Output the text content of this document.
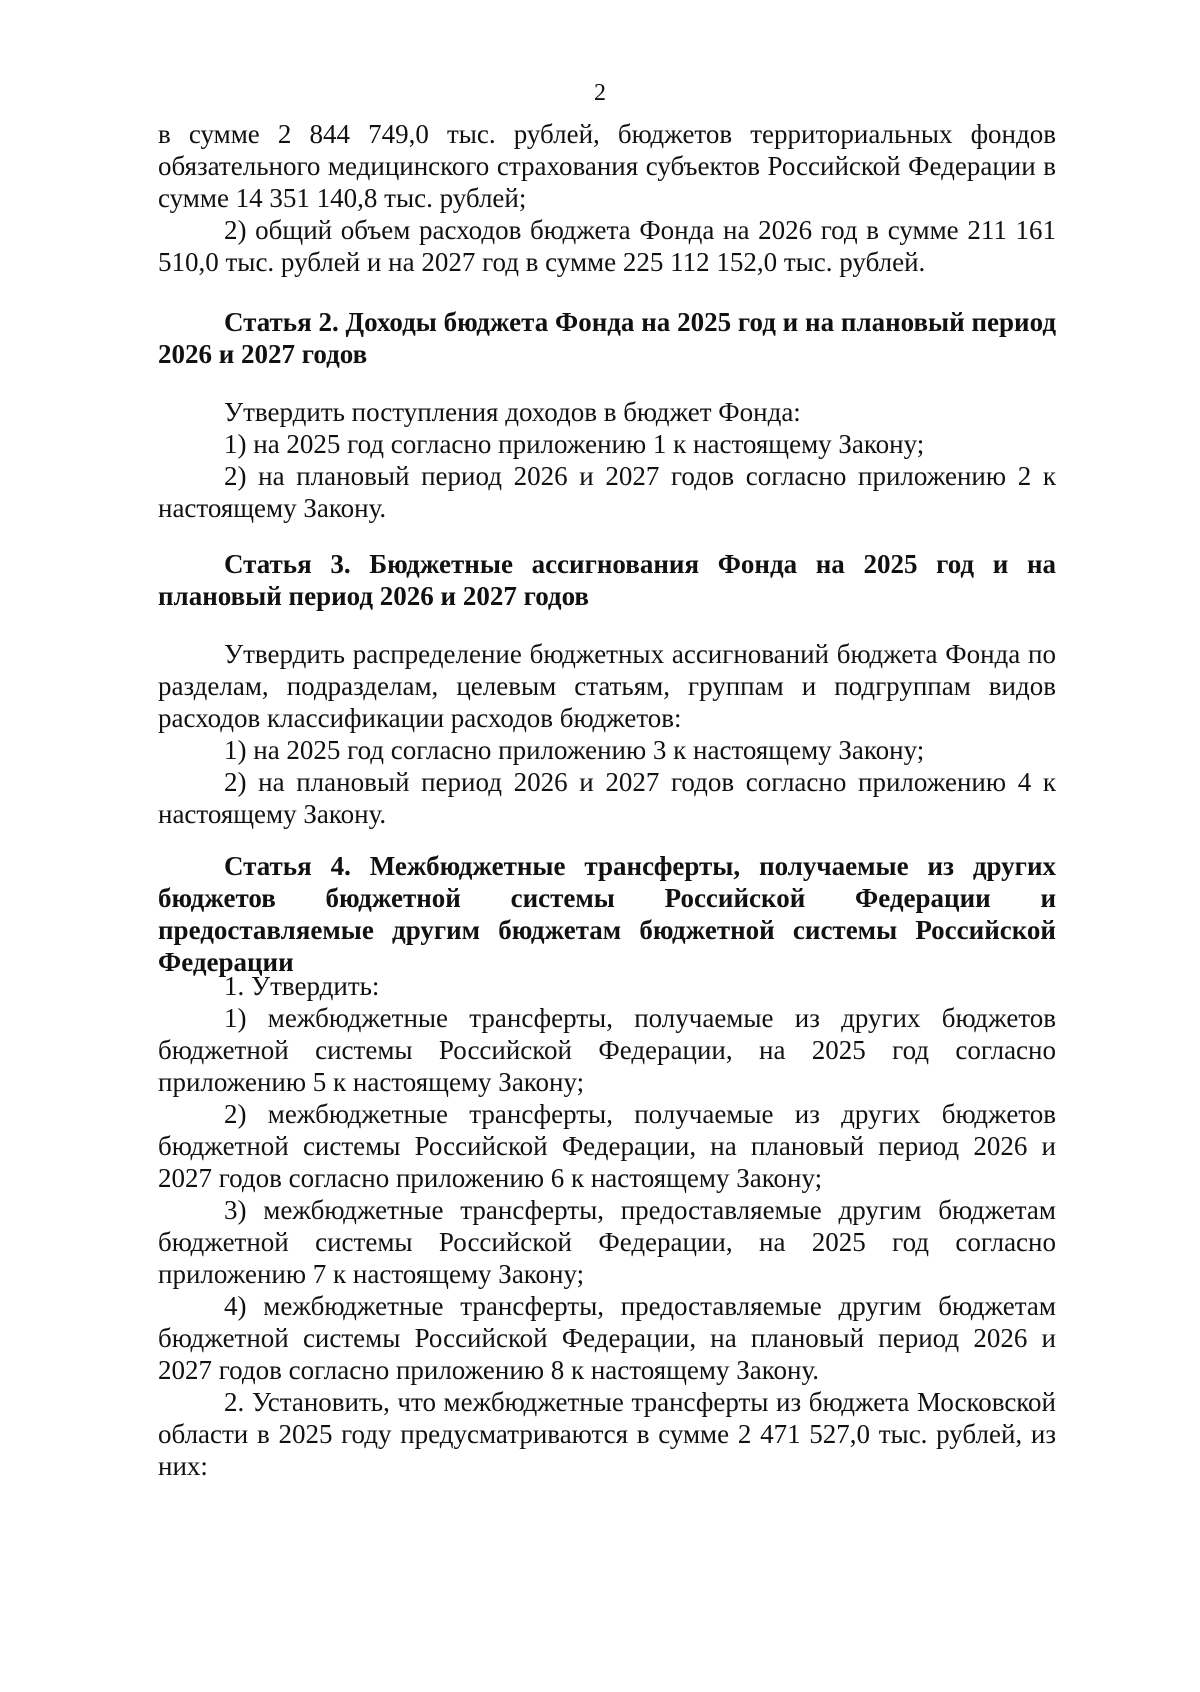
2

в сумме 2 844 749,0 тыс. рублей, бюджетов территориальных фондов обязательного медицинского страхования субъектов Российской Федерации в сумме 14 351 140,8 тыс. рублей;

2) общий объем расходов бюджета Фонда на 2026 год в сумме 211 161 510,0 тыс. рублей и на 2027 год в сумме 225 112 152,0 тыс. рублей.

Статья 2. Доходы бюджета Фонда на 2025 год и на плановый период 2026 и 2027 годов

Утвердить поступления доходов в бюджет Фонда:

1) на 2025 год согласно приложению 1 к настоящему Закону;

2) на плановый период 2026 и 2027 годов согласно приложению 2 к настоящему Закону.

Статья 3. Бюджетные ассигнования Фонда на 2025 год и на плановый период 2026 и 2027 годов

Утвердить распределение бюджетных ассигнований бюджета Фонда по разделам, подразделам, целевым статьям, группам и подгруппам видов расходов классификации расходов бюджетов:

1) на 2025 год согласно приложению 3 к настоящему Закону;

2) на плановый период 2026 и 2027 годов согласно приложению 4 к настоящему Закону.

Статья 4. Межбюджетные трансферты, получаемые из других бюджетов бюджетной системы Российской Федерации и предоставляемые другим бюджетам бюджетной системы Российской Федерации

1. Утвердить:

1) межбюджетные трансферты, получаемые из других бюджетов бюджетной системы Российской Федерации, на 2025 год согласно приложению 5 к настоящему Закону;

2) межбюджетные трансферты, получаемые из других бюджетов бюджетной системы Российской Федерации, на плановый период 2026 и 2027 годов согласно приложению 6 к настоящему Закону;

3) межбюджетные трансферты, предоставляемые другим бюджетам бюджетной системы Российской Федерации, на 2025 год согласно приложению 7 к настоящему Закону;

4) межбюджетные трансферты, предоставляемые другим бюджетам бюджетной системы Российской Федерации, на плановый период 2026 и 2027 годов согласно приложению 8 к настоящему Закону.

2. Установить, что межбюджетные трансферты из бюджета Московской области в 2025 году предусматриваются в сумме 2 471 527,0 тыс. рублей, из них:
